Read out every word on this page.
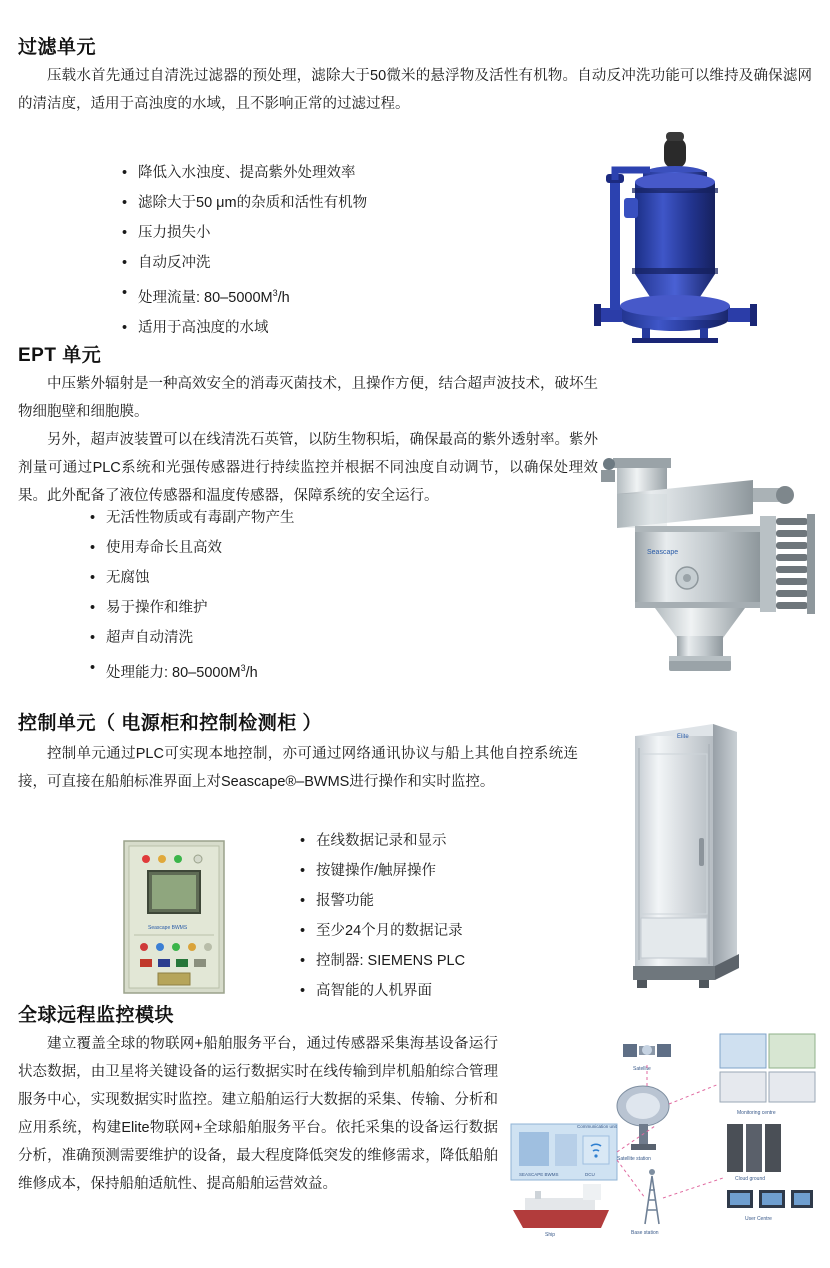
过滤单元
压载水首先通过自清洗过滤器的预处理，滤除大于50微米的悬浮物及活性有机物。自动反冲洗功能可以维持及确保滤网的清洁度，适用于高浊度的水域，且不影响正常的过滤过程。
• 降低入水浊度、提高紫外处理效率
• 滤除大于50 μm的杂质和活性有机物
• 压力损失小
• 自动反冲洗
• 处理流量: $80-5000M^3/h$
• 适用于高浊度的水域
EPT 单元
中压紫外辐射是一种高效安全的消毒灭菌技术，且操作方便，结合超声波技术，破坏生物细胞壁和细胞膜。
另外，超声波装置可以在线清洗石英管，以防生物积垢，确保最高的紫外透射率。紫外剂量可通过PLC系统和光强传感器进行持续监控并根据不同浊度自动调节，以确保处理效果。此外配备了液位传感器和温度传感器，保障系统的安全运行。
• 无活性物质或有毒副产物产生
• 使用寿命长且高效
• 无腐蚀
• 易于操作和维护
• 超声自动清洗
• 处理能力: $80-5000M^3/h$
Seascape
控制单元（ 电源柜和控制检测柜 ）
控制单元通过PLC可实现本地控制，亦可通过网络通讯协议与船上其他自控系统连接，可直接在船舶标准界面上对Seascape®–BWMS进行操作和实时监控。
• 在线数据记录和显示
• 按键操作/触屏操作
• 报警功能
• 至少24个月的数据记录
• 控制器: SIEMENS PLC
• 高智能的人机界面
Elite
Seascape BWMS
全球远程监控模块
建立覆盖全球的物联网+船舶服务平台，通过传感器采集海基设备运行状态数据，由卫星将关键设备的运行数据实时在线传输到岸机船舶综合管理服务中心，实现数据实时监控。建立船舶运行大数据的采集、传输、分析和应用系统，构建Elite物联网+全球船舶服务平台。依托采集的设备运行数据分析，准确预测需要维护的设备，最大程度降低突发的维修需求，降低船舶维修成本，保持船舶适航性、提高船舶运营效益。
Monitoring centre
Cloud ground
User Centre
Satellite
Satellite station
Base station
Ship
Communication unit
SEASCAPE BWMS	DCU
